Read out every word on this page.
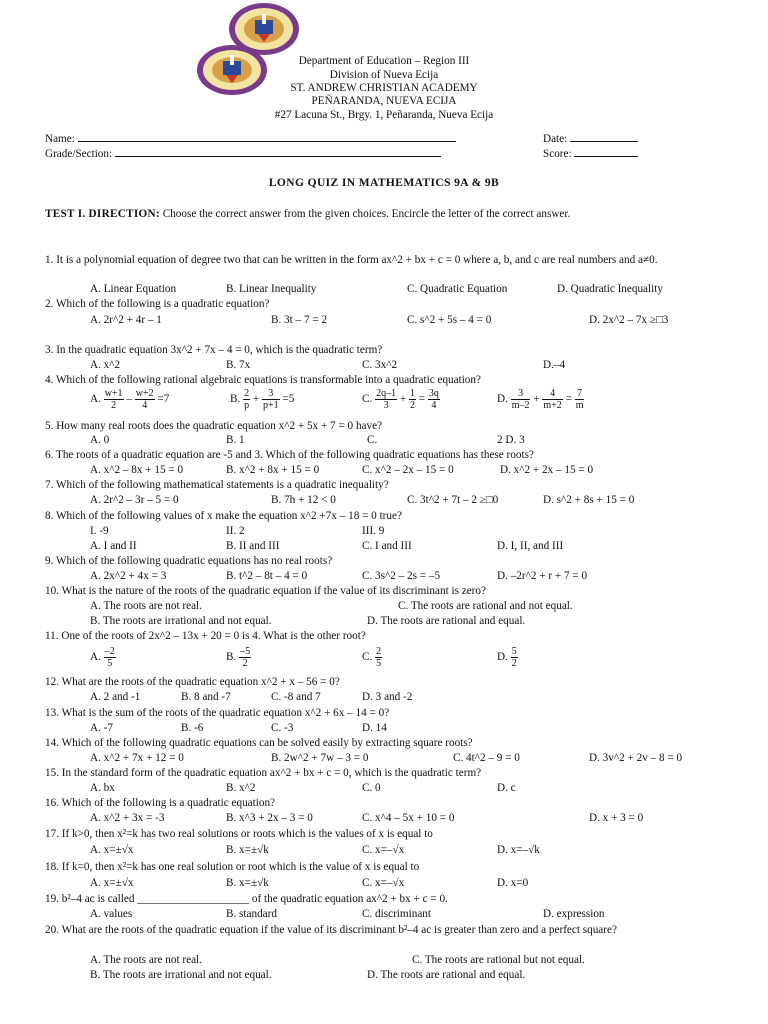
Department of Education – Region III
Division of Nueva Ecija
ST. ANDREW CHRISTIAN ACADEMY
PEÑARANDA, NUEVA ECIJA
#27 Lacuna St., Brgy. 1, Peñaranda, Nueva Ecija
Name:	Date:
Grade/Section:	Score:
LONG QUIZ IN MATHEMATICS 9A & 9B
TEST I. DIRECTION: Choose the correct answer from the given choices. Encircle the letter of the correct answer.
1. It is a polynomial equation of degree two that can be written in the form ax^2 + bx + c = 0 where a, b, and c are real numbers and a≠0.
A. Linear Equation	B. Linear Inequality	C. Quadratic Equation	D. Quadratic Inequality
2. Which of the following is a quadratic equation?
A. 2r^2 + 4r – 1	B. 3t – 7 = 2	C. s^2 + 5s – 4 = 0	D. 2x^2 – 7x ≥□3
3. In the quadratic equation 3x^2 + 7x – 4 = 0, which is the quadratic term?
A. x^2	B. 7x	C. 3x^2	D.–4
4. Which of the following rational algebraic equations is transformable into a quadratic equation?
A. $\frac{w+1}{2} - \frac{w+2}{4} =7$	B. $\frac{2}{p} + \frac{3}{p+1} =5$	C. $\frac{2q-1}{3} + \frac{1}{2} = \frac{3q}{4}$	D. $\frac{3}{m-2} + \frac{4}{m+2} = \frac{7}{m}$
5. How many real roots does the quadratic equation x^2 + 5x + 7 = 0 have?
A. 0	B. 1	C.	2 D. 3
6. The roots of a quadratic equation are -5 and 3. Which of the following quadratic equations has these roots?
A. x^2 – 8x + 15 = 0	B. x^2 + 8x + 15 = 0	C. x^2 – 2x – 15 = 0	D. x^2 + 2x – 15 = 0
7. Which of the following mathematical statements is a quadratic inequality?
A. 2r^2 – 3r – 5 = 0	B. 7h + 12 < 0	C. 3t^2 + 7t – 2 ≥□0	D. s^2 + 8s + 15 = 0
8. Which of the following values of x make the equation x^2 +7x – 18 = 0 true?
I. -9	II. 2	III. 9
A. I and II	B. II and III	C. I and III	D. I, II, and III
9. Which of the following quadratic equations has no real roots?
A. 2x^2 + 4x = 3	B. t^2 – 8t – 4 = 0	C. 3s^2 – 2s = –5	D. –2r^2 + r + 7 = 0
10. What is the nature of the roots of the quadratic equation if the value of its discriminant is zero?
A. The roots are not real.	C. The roots are rational and not equal.
B. The roots are irrational and not equal.	D. The roots are rational and equal.
11. One of the roots of 2x^2 – 13x + 20 = 0 is 4. What is the other root?
A. $\frac{-2}{5}$	B. $\frac{-5}{2}$	C. $\frac{2}{5}$	D. $\frac{5}{2}$
12. What are the roots of the quadratic equation x^2 + x – 56 = 0?
A. 2 and -1	B. 8 and -7	C. -8 and 7	D. 3 and -2
13. What is the sum of the roots of the quadratic equation x^2 + 6x – 14 = 0?
A. -7	B. -6	C. -3	D. 14
14. Which of the following quadratic equations can be solved easily by extracting square roots?
A. x^2 + 7x + 12 = 0	B. 2w^2 + 7w – 3 = 0	C. 4t^2 – 9 = 0	D. 3v^2 + 2v – 8 = 0
15. In the standard form of the quadratic equation ax^2 + bx + c = 0, which is the quadratic term?
A. bx	B. x^2	C. 0	D. c
16. Which of the following is a quadratic equation?
A. x^2 + 3x = -3	B. x^3 + 2x – 3 = 0	C. x^4 – 5x + 10 = 0	D. x + 3 = 0
17. If k>0, then x²=k has two real solutions or roots which is the values of x is equal to
A. x=±√x	B. x=±√k	C. x=–√x	D. x=–√k
18. If k=0, then x²=k has one real solution or root which is the value of x is equal to
A. x=±√x	B. x=±√k	C. x=–√x	D. x=0
19. b²–4 ac is called ____________________ of the quadratic equation ax^2 + bx + c = 0.
A. values	B. standard	C. discriminant	D. expression
20. What are the roots of the quadratic equation if the value of its discriminant b²–4 ac is greater than zero and a perfect square?
A. The roots are not real.	C. The roots are rational but not equal.
B. The roots are irrational and not equal.	D. The roots are rational and equal.
